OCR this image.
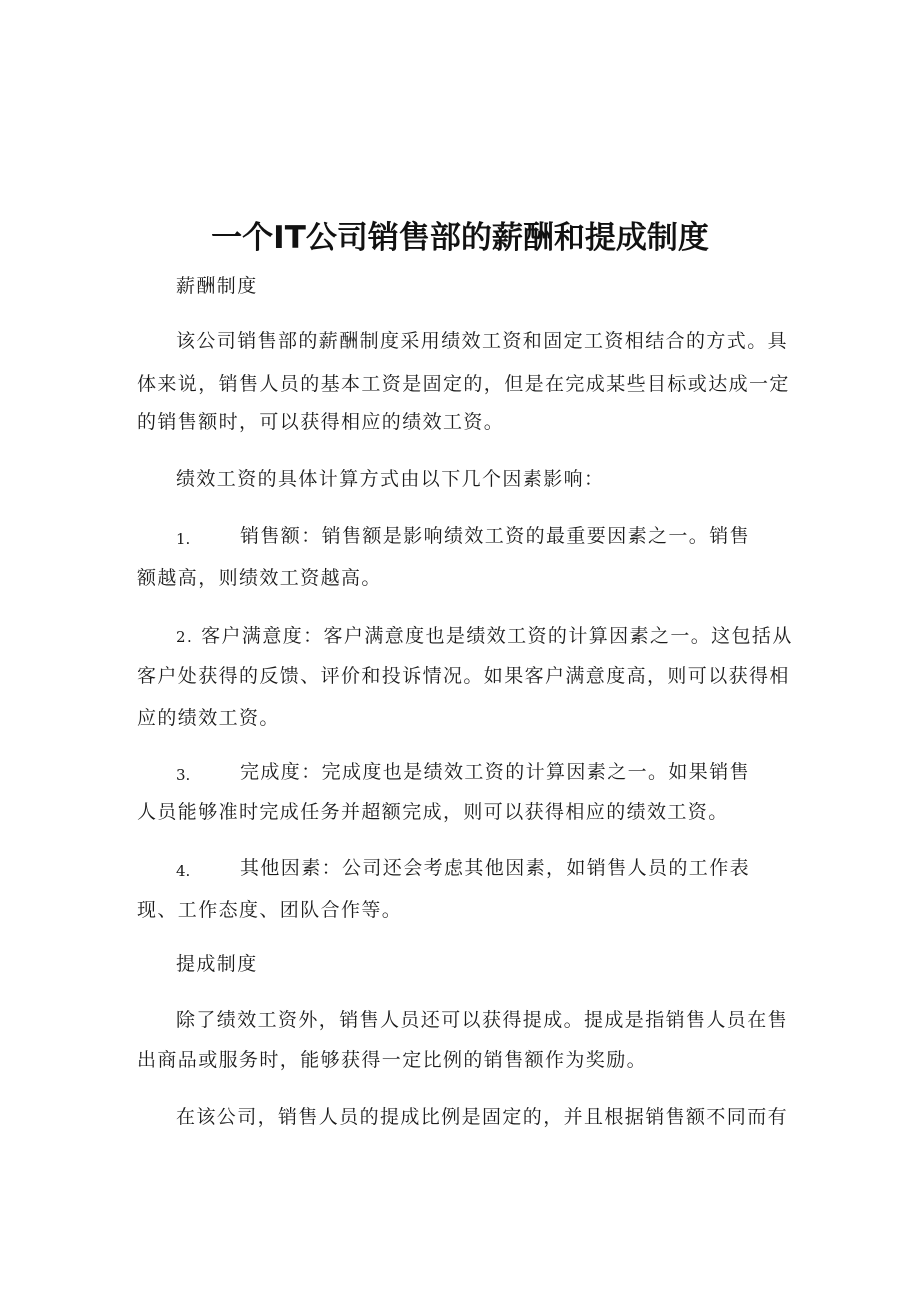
一个IT公司销售部的薪酬和提成制度
薪酬制度
该公司销售部的薪酬制度采用绩效工资和固定工资相结合的方式。具
体来说，销售人员的基本工资是固定的，但是在完成某些目标或达成一定
的销售额时，可以获得相应的绩效工资。
绩效工资的具体计算方式由以下几个因素影响：
1.	销售额：销售额是影响绩效工资的最重要因素之一。销售
额越高，则绩效工资越高。
2. 客户满意度：客户满意度也是绩效工资的计算因素之一。这包括从
客户处获得的反馈、评价和投诉情况。如果客户满意度高，则可以获得相
应的绩效工资。
3.	完成度：完成度也是绩效工资的计算因素之一。如果销售
人员能够准时完成任务并超额完成，则可以获得相应的绩效工资。
4.	其他因素：公司还会考虑其他因素，如销售人员的工作表
现、工作态度、团队合作等。
提成制度
除了绩效工资外，销售人员还可以获得提成。提成是指销售人员在售
出商品或服务时，能够获得一定比例的销售额作为奖励。
在该公司，销售人员的提成比例是固定的，并且根据销售额不同而有
